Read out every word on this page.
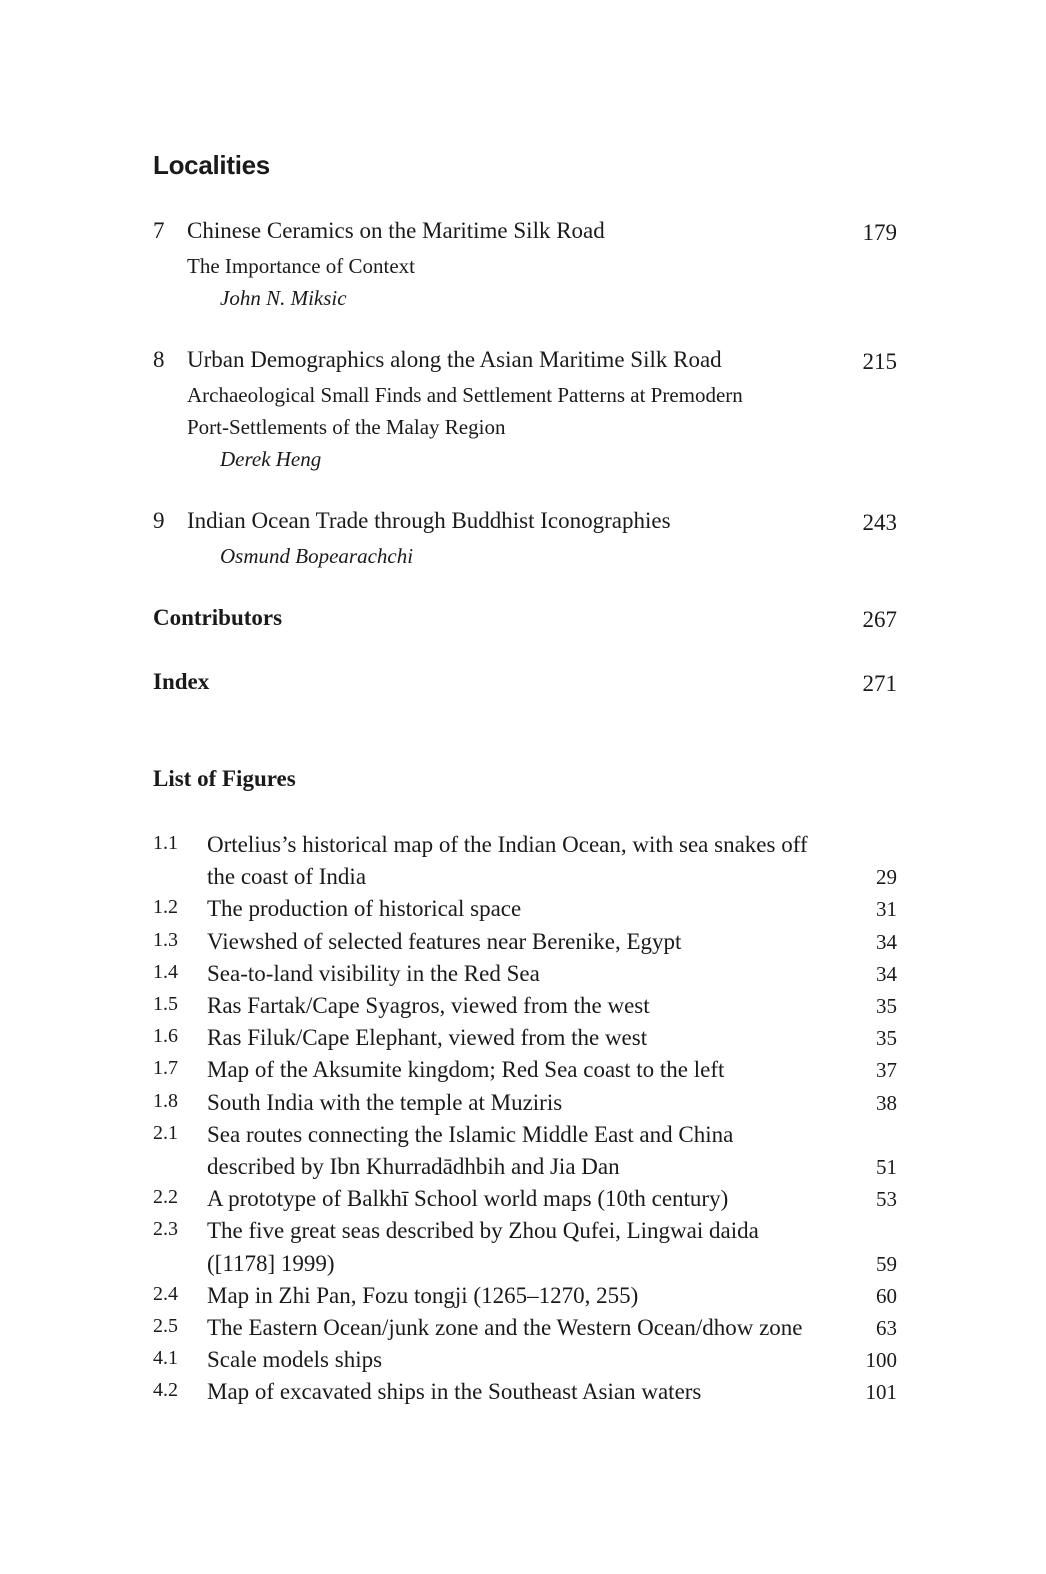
Localities
7 Chinese Ceramics on the Maritime Silk Road	179
The Importance of Context
John N. Miksic
8 Urban Demographics along the Asian Maritime Silk Road	215
Archaeological Small Finds and Settlement Patterns at Premodern
Port-Settlements of the Malay Region
Derek Heng
9 Indian Ocean Trade through Buddhist Iconographies	243
Osmund Bopearachchi
Contributors	267
Index	271
List of Figures
1.1 Ortelius’s historical map of the Indian Ocean, with sea snakes off the coast of India	29
1.2 The production of historical space	31
1.3 Viewshed of selected features near Berenike, Egypt	34
1.4 Sea-to-land visibility in the Red Sea	34
1.5 Ras Fartak/Cape Syagros, viewed from the west	35
1.6 Ras Filuk/Cape Elephant, viewed from the west	35
1.7 Map of the Aksumite kingdom; Red Sea coast to the left	37
1.8 South India with the temple at Muziris	38
2.1 Sea routes connecting the Islamic Middle East and China described by Ibn Khurradādhbih and Jia Dan	51
2.2 A prototype of Balkhī School world maps (10th century)	53
2.3 The five great seas described by Zhou Qufei, Lingwai daida ([1178] 1999)	59
2.4 Map in Zhi Pan, Fozu tongji (1265–1270, 255)	60
2.5 The Eastern Ocean/junk zone and the Western Ocean/dhow zone	63
4.1 Scale models ships	100
4.2 Map of excavated ships in the Southeast Asian waters	101
